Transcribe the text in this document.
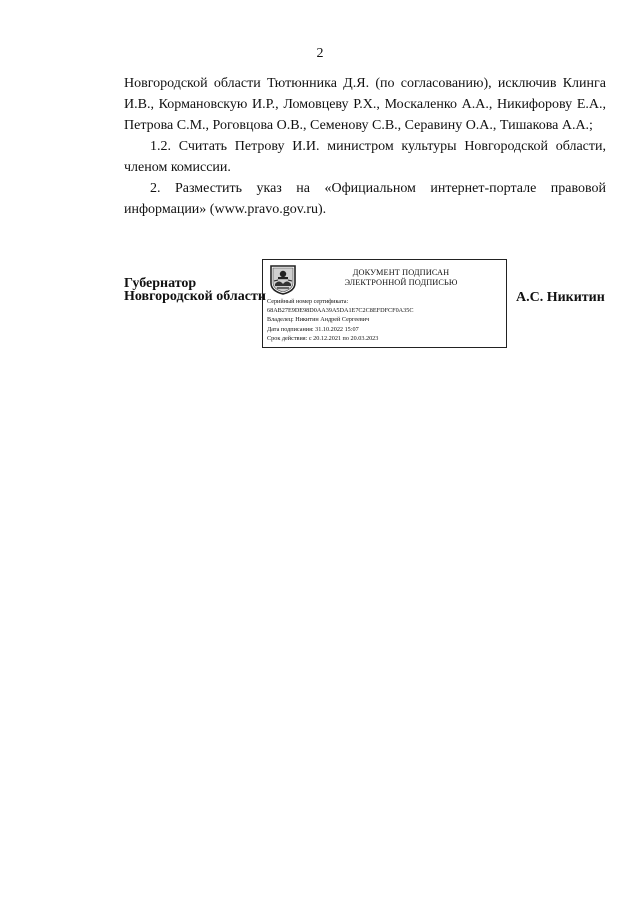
2

Новгородской области Тютюнника Д.Я. (по согласованию), исключив Клинга И.В., Кормановскую И.Р., Ломовцеву Р.Х., Москаленко А.А., Никифорову Е.А., Петрова С.М., Роговцова О.В., Семенову С.В., Серавину О.А., Тишакова А.А.;

1.2. Считать Петрову И.И. министром культуры Новгородской области, членом комиссии.

2. Разместить указ на «Официальном интернет-портале правовой информации» (www.pravo.gov.ru).

Губернатор
Новгородской области
ДОКУМЕНТ ПОДПИСАН
ЭЛЕКТРОННОЙ ПОДПИСЬЮ
Серийный номер сертификата:
68AB27E9DE98D0AA39A5DA1E7C2C8EFDFCF0A35C
Владелец: Никитин Андрей Сергеевич
Дата подписания: 31.10.2022 15:07
Срок действия: с 20.12.2021 по 20.03.2023
А.С. Никитин
